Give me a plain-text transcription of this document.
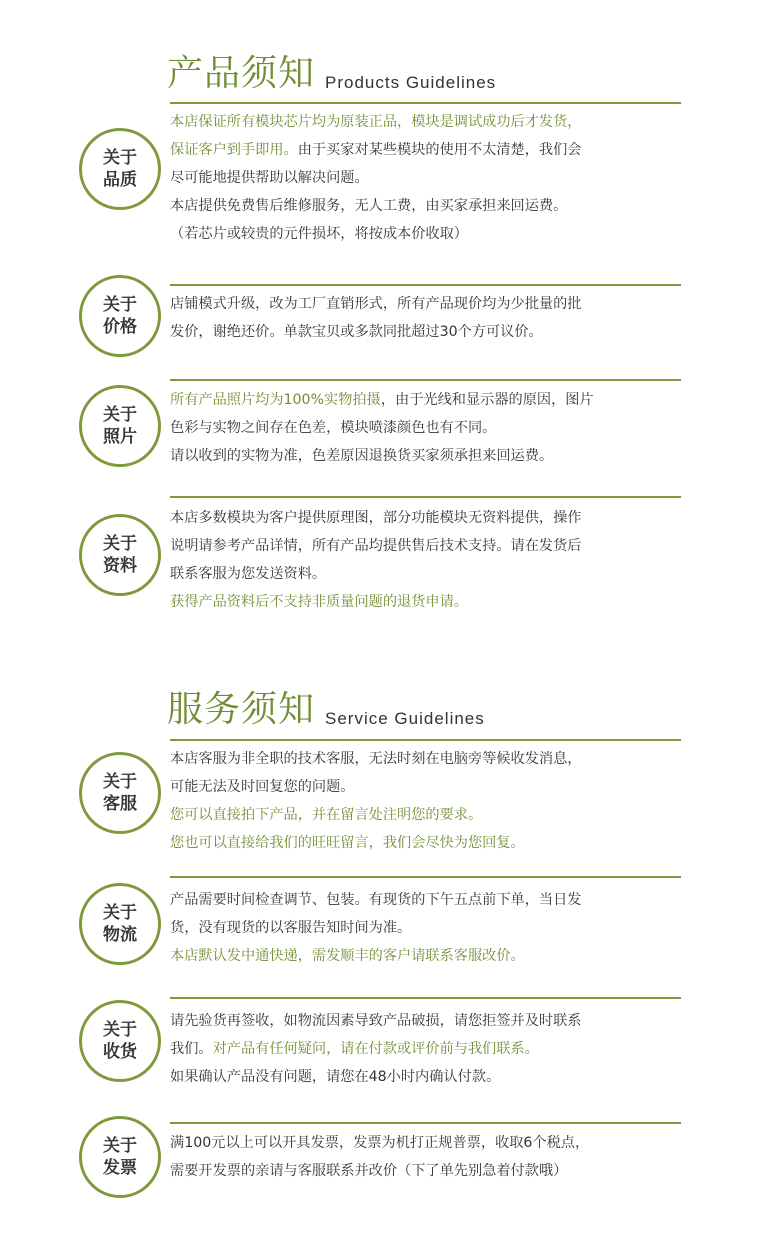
产品须知 Products Guidelines
关于
品质
本店保证所有模块芯片均为原装正品，模块是调试成功后才发货，
保证客户到手即用。由于买家对某些模块的使用不太清楚，我们会
尽可能地提供帮助以解决问题。
本店提供免费售后维修服务，无人工费，由买家承担来回运费。
（若芯片或较贵的元件损坏，将按成本价收取）
关于
价格
店铺模式升级，改为工厂直销形式，所有产品现价均为少批量的批
发价，谢绝还价。单款宝贝或多款同批超过30个方可议价。
关于
照片
所有产品照片均为100%实物拍摄，由于光线和显示器的原因，图片
色彩与实物之间存在色差，模块喷漆颜色也有不同。
请以收到的实物为准，色差原因退换货买家须承担来回运费。
关于
资料
本店多数模块为客户提供原理图，部分功能模块无资料提供，操作
说明请参考产品详情，所有产品均提供售后技术支持。请在发货后
联系客服为您发送资料。
获得产品资料后不支持非质量问题的退货申请。
服务须知 Service Guidelines
关于
客服
本店客服为非全职的技术客服，无法时刻在电脑旁等候收发消息，
可能无法及时回复您的问题。
您可以直接拍下产品，并在留言处注明您的要求。
您也可以直接给我们的旺旺留言，我们会尽快为您回复。
关于
物流
产品需要时间检查调节、包装。有现货的下午五点前下单，当日发
货，没有现货的以客服告知时间为准。
本店默认发中通快递，需发顺丰的客户请联系客服改价。
关于
收货
请先验货再签收，如物流因素导致产品破损，请您拒签并及时联系
我们。对产品有任何疑问，请在付款或评价前与我们联系。
如果确认产品没有问题，请您在48小时内确认付款。
关于
发票
满100元以上可以开具发票，发票为机打正规普票，收取6个税点，
需要开发票的亲请与客服联系并改价（下了单先别急着付款哦）
